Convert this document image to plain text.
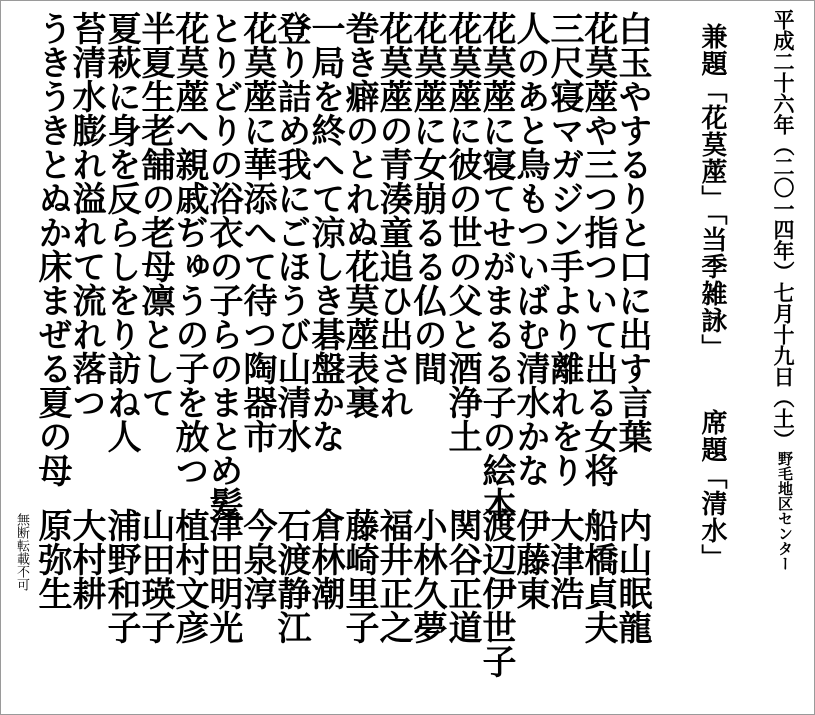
平成二十六年（二〇一四年）七月十九日（土）
野毛地区センター
兼題「花茣蓙」「当季雑詠」
席題「清水」
白玉やするりと口に出す言葉
花茣蓙や三つ指ついて出る女将
三尺寝マガジン手より離れをり
人のあと鳥もついばむ清水かな
花茣蓙に寝てせがまるる子の絵本
花茣蓙に彼の世の父と酒浄土
花茣蓙に女崩るる仏の間
花茣蓙の青湊童追ひ出され
巻き癖のとれぬ花茣蓙表裏
一局を終へて涼しき碁盤かな
登り詰め我にごほうび山清水
花茣蓙に華添へて待つ陶器市
とりどりの浴衣の子らのまとめ髪
花茣蓙へ親戚ぢゅうの子を放つ
半夏生老舗の老母凛として
夏萩に身を反らしをり訪ね人
苔清水膨れ溢れて流れ落つ
うきうきとぬか床まぜる夏の母
内山眠龍
船橋貞夫
大津浩
伊藤東
渡辺伊世子
関谷正道
小林久夢
福井正之
藤崎里子
倉林潮
石渡静江
今泉淳
津田明光
植村文彦
山田瑛子
浦野和子
大村耕
原弥生
無断転載不可
